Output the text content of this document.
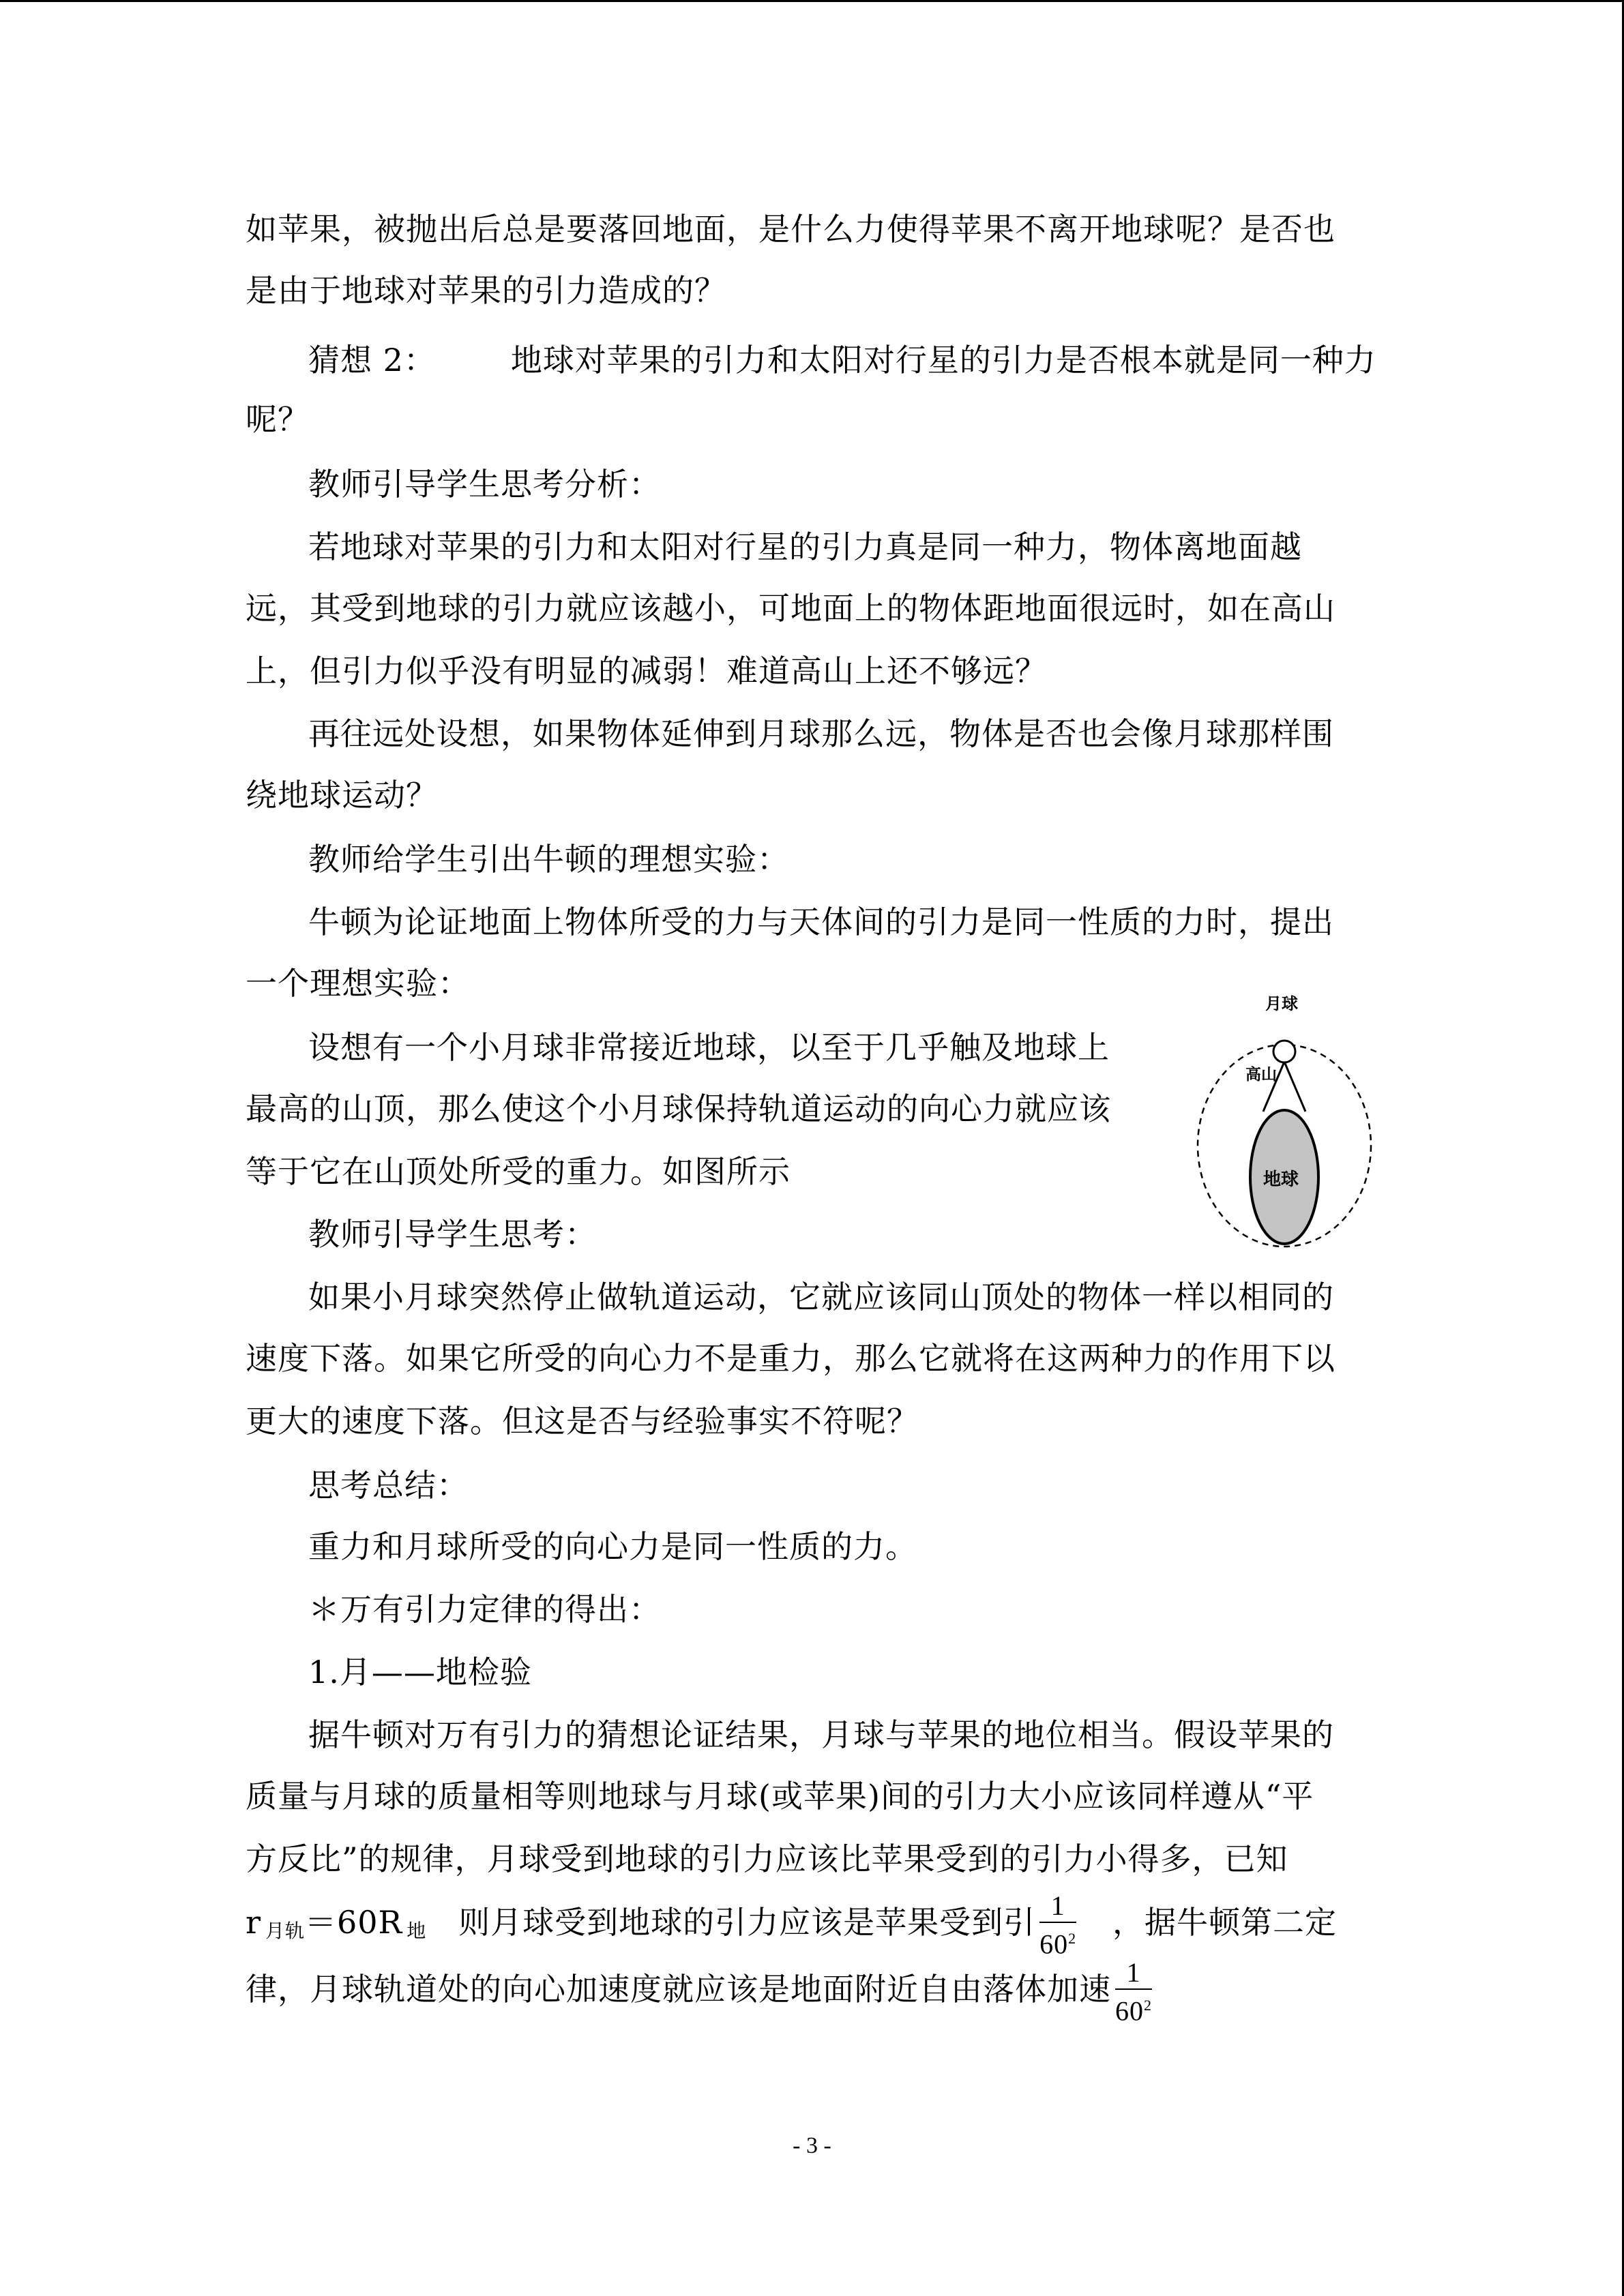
如苹果，被抛出后总是要落回地面，是什么力使得苹果不离开地球呢？是否也
是由于地球对苹果的引力造成的？
猜想 2： 地球对苹果的引力和太阳对行星的引力是否根本就是同一种力
呢？
教师引导学生思考分析：
若地球对苹果的引力和太阳对行星的引力真是同一种力，物体离地面越
远，其受到地球的引力就应该越小，可地面上的物体距地面很远时，如在高山
上，但引力似乎没有明显的减弱！难道高山上还不够远？
再往远处设想，如果物体延伸到月球那么远，物体是否也会像月球那样围
绕地球运动？
教师给学生引出牛顿的理想实验：
牛顿为论证地面上物体所受的力与天体间的引力是同一性质的力时，提出
一个理想实验：
设想有一个小月球非常接近地球，以至于几乎触及地球上
最高的山顶，那么使这个小月球保持轨道运动的向心力就应该
等于它在山顶处所受的重力。如图所示
教师引导学生思考：
如果小月球突然停止做轨道运动，它就应该同山顶处的物体一样以相同的
速度下落。如果它所受的向心力不是重力，那么它就将在这两种力的作用下以
更大的速度下落。但这是否与经验事实不符呢？
思考总结：
重力和月球所受的向心力是同一性质的力。
＊万有引力定律的得出：
1.月——地检验
据牛顿对万有引力的猜想论证结果，月球与苹果的地位相当。假设苹果的
质量与月球的质量相等则地球与月球(或苹果)间的引力大小应该同样遵从“平
方反比”的规律，月球受到地球的引力应该比苹果受到的引力小得多，已知
r $_{月轨}$＝60R $_地$ 则月球受到地球的引力应该是苹果受到引 $\frac{1}{60^2}$ ，据牛顿第二定
律，月球轨道处的向心加速度就应该是地面附近自由落体加速 $\frac{1}{60^2}$
月球
高山
地球
- 3 -
